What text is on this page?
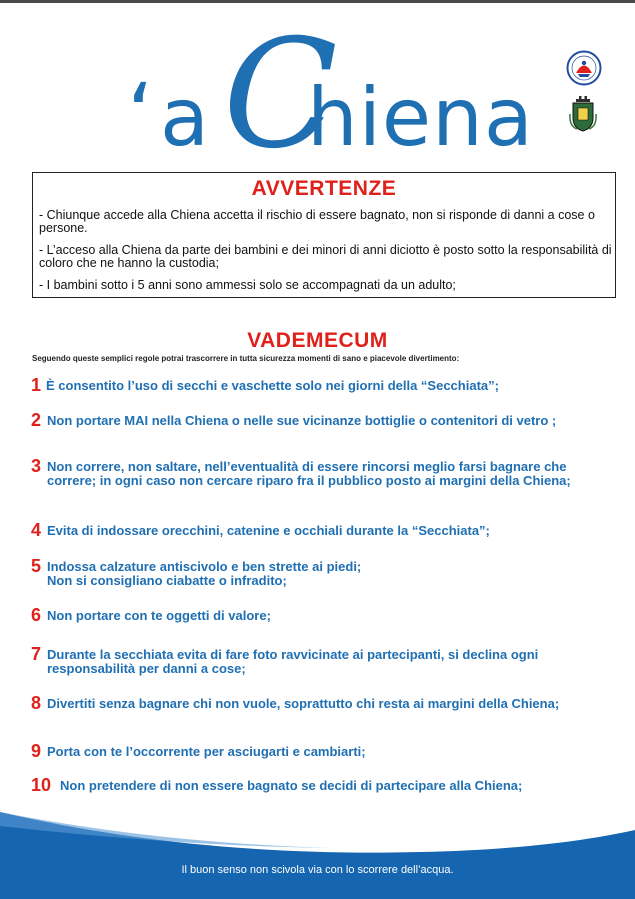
‘ a C
hiena
AVVERTENZE
- Chiunque accede alla Chiena accetta il rischio di essere bagnato, non si risponde di danni a cose o persone.
- L’acceso alla Chiena da parte dei bambini e dei minori di anni diciotto è posto sotto la responsabilità di coloro che ne hanno la custodia;
- I bambini sotto i 5 anni sono ammessi solo se accompagnati da un adulto;
VADEMECUM
Seguendo queste semplici regole potrai trascorrere in tutta sicurezza momenti di sano e piacevole divertimento:
1 È consentito l’uso di secchi e vaschette solo nei giorni della “Secchiata”;
2 Non portare MAI nella Chiena o nelle sue vicinanze bottiglie o contenitori di vetro ;
3 Non correre, non saltare, nell’eventualità di essere rincorsi meglio farsi bagnare che correre; in ogni caso non cercare riparo fra il pubblico posto ai margini della Chiena;
4 Evita di indossare orecchini, catenine e occhiali durante la “Secchiata”;
5 Indossa calzature antiscivolo e ben strette ai piedi;
Non si consigliano ciabatte o infradito;
6 Non portare con te oggetti di valore;
7 Durante la secchiata evita di fare foto ravvicinate ai partecipanti, si declina ogni responsabilità per danni a cose;
8 Divertiti senza bagnare chi non vuole, soprattutto chi resta ai margini della Chiena;
9 Porta con te l’occorrente per asciugarti e cambiarti;
10 Non pretendere di non essere bagnato se decidi di partecipare alla Chiena;
Il buon senso non scivola via con lo scorrere dell’acqua.
